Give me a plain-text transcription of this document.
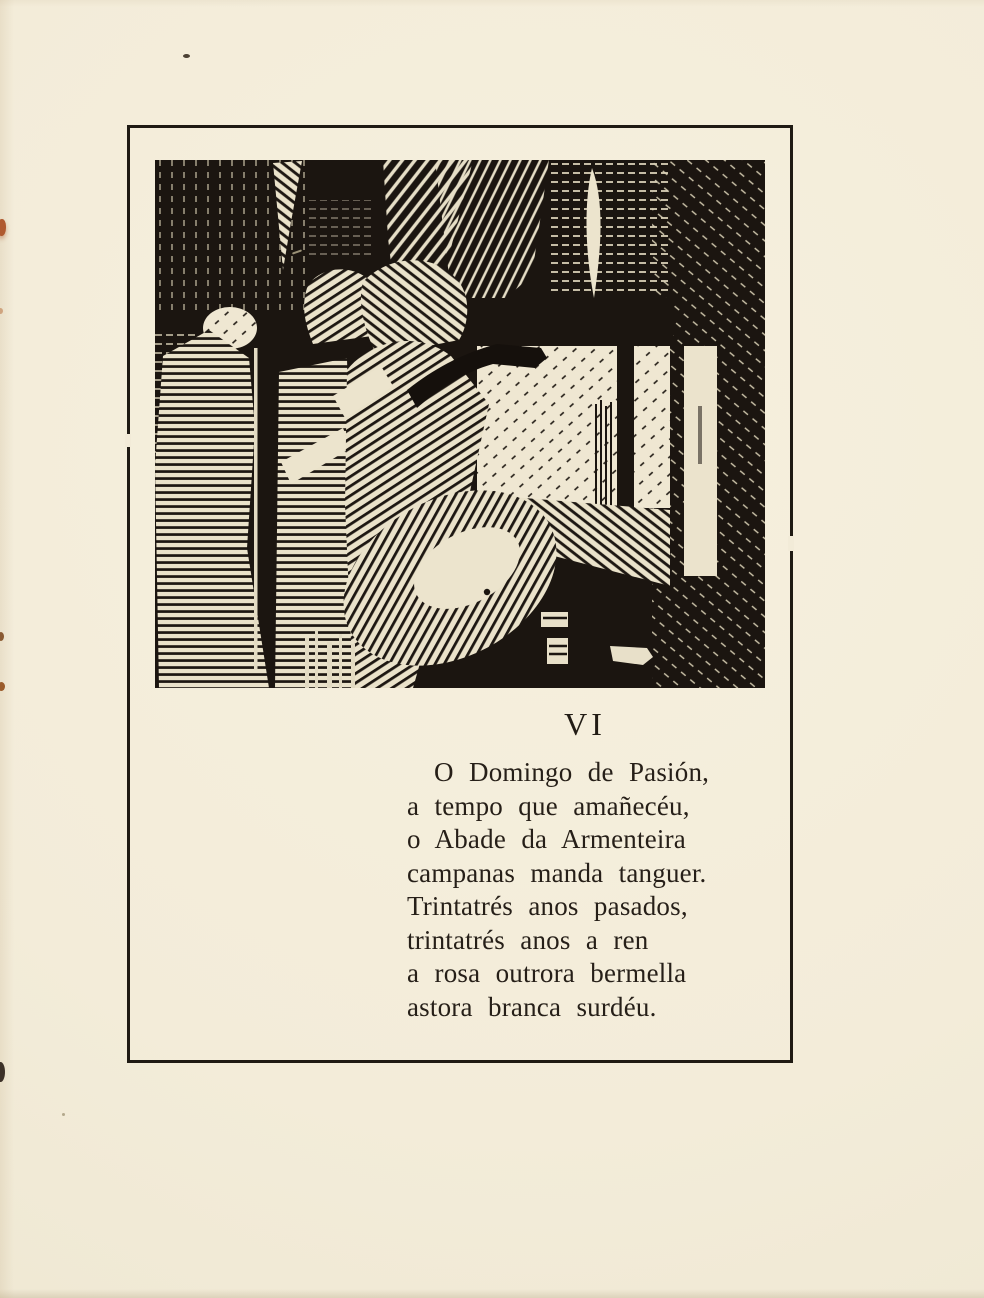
VI
O Domingo de Pasión,
a tempo que amañecéu,
o Abade da Armenteira
campanas manda tanguer.
Trintatrés anos pasados,
trintatrés anos a ren
a rosa outrora bermella
astora branca surdéu.
